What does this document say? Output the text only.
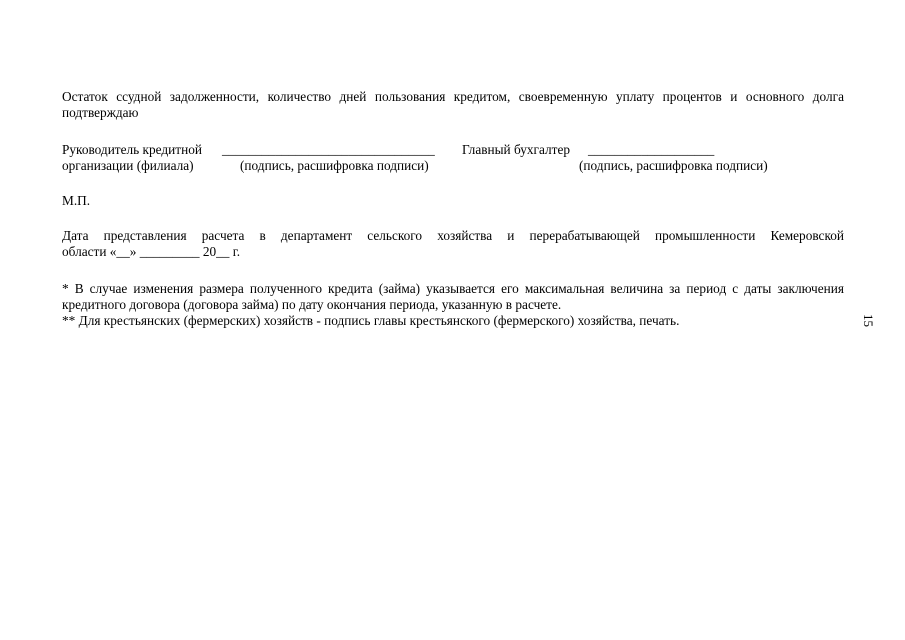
Остаток ссудной задолженности, количество дней пользования кредитом, своевременную уплату процентов и основного долга подтверждаю

Руководитель кредитной

________________________________

Главный бухгалтер

___________________

организации (филиала)

	(подпись, расшифровка подписи)

	(подпись, расшифровка подписи)

М.П.
Дата представления расчета в департамент сельского хозяйства и перерабатывающей промышленности Кемеровской
области «__» _________ 20__ г.
* В случае изменения размера полученного кредита (займа) указывается его максимальная величина за период с даты заключения кредитного договора (договора займа) по дату окончания периода, указанную в расчете.
** Для крестьянских (фермерских) хозяйств - подпись главы крестьянского (фермерского) хозяйства, печать.	15
